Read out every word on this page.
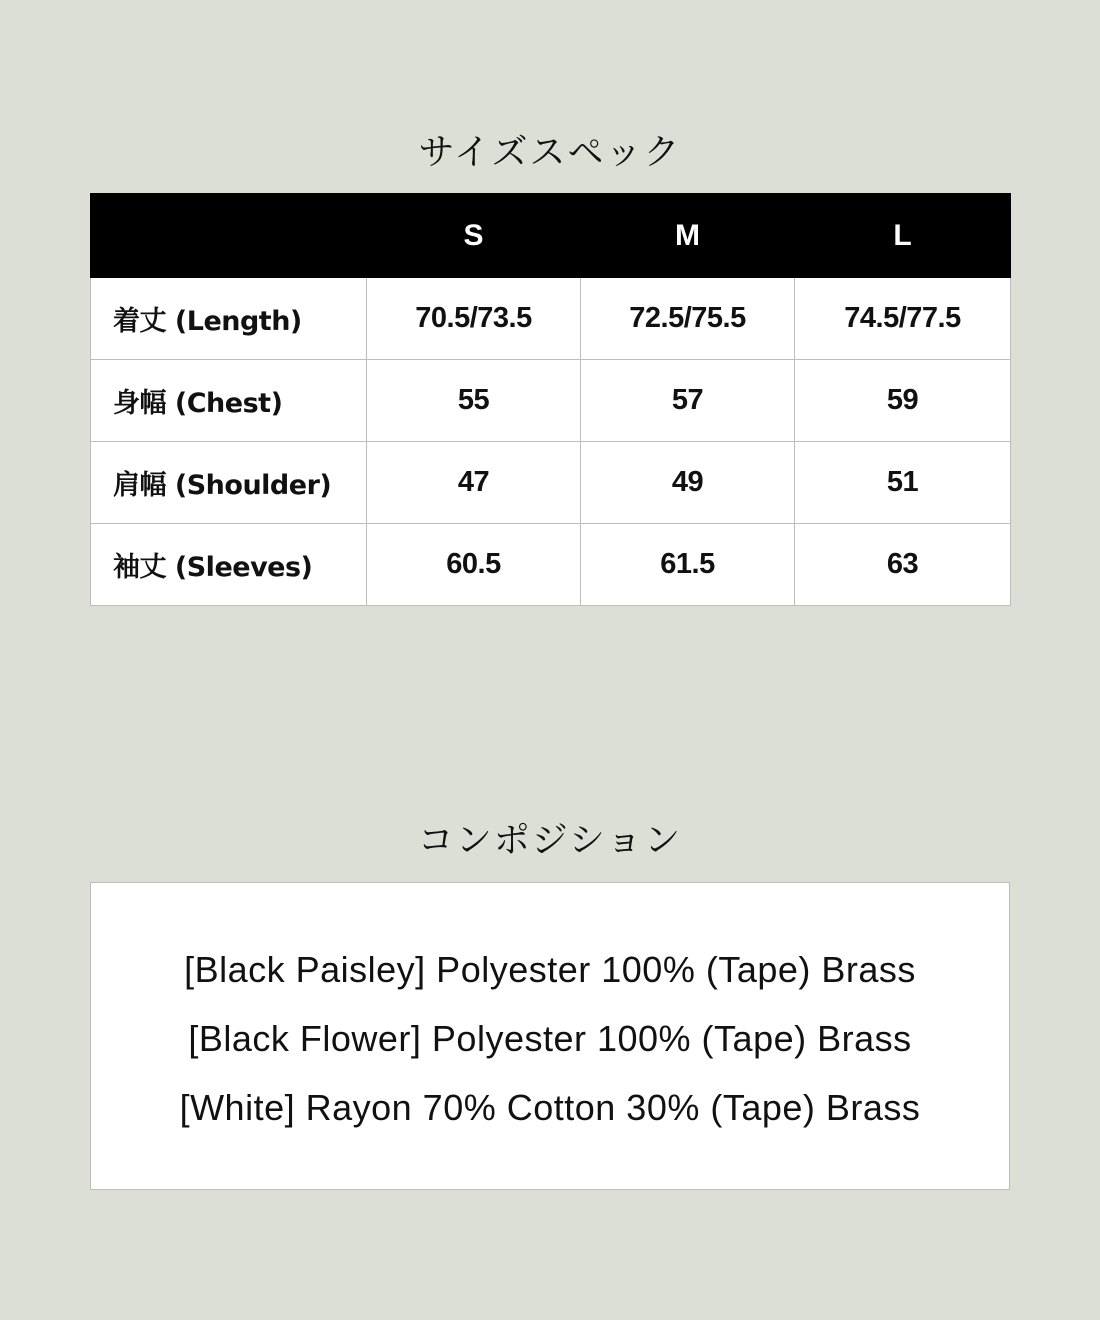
サイズスペック
	S	M	L
着丈 (Length)	70.5/73.5	72.5/75.5	74.5/77.5
身幅 (Chest)	55	57	59
肩幅 (Shoulder)	47	49	51
袖丈 (Sleeves)	60.5	61.5	63
コンポジション
[Black Paisley] Polyester 100% (Tape) Brass
[Black Flower] Polyester 100% (Tape) Brass
[White] Rayon 70% Cotton 30% (Tape) Brass
